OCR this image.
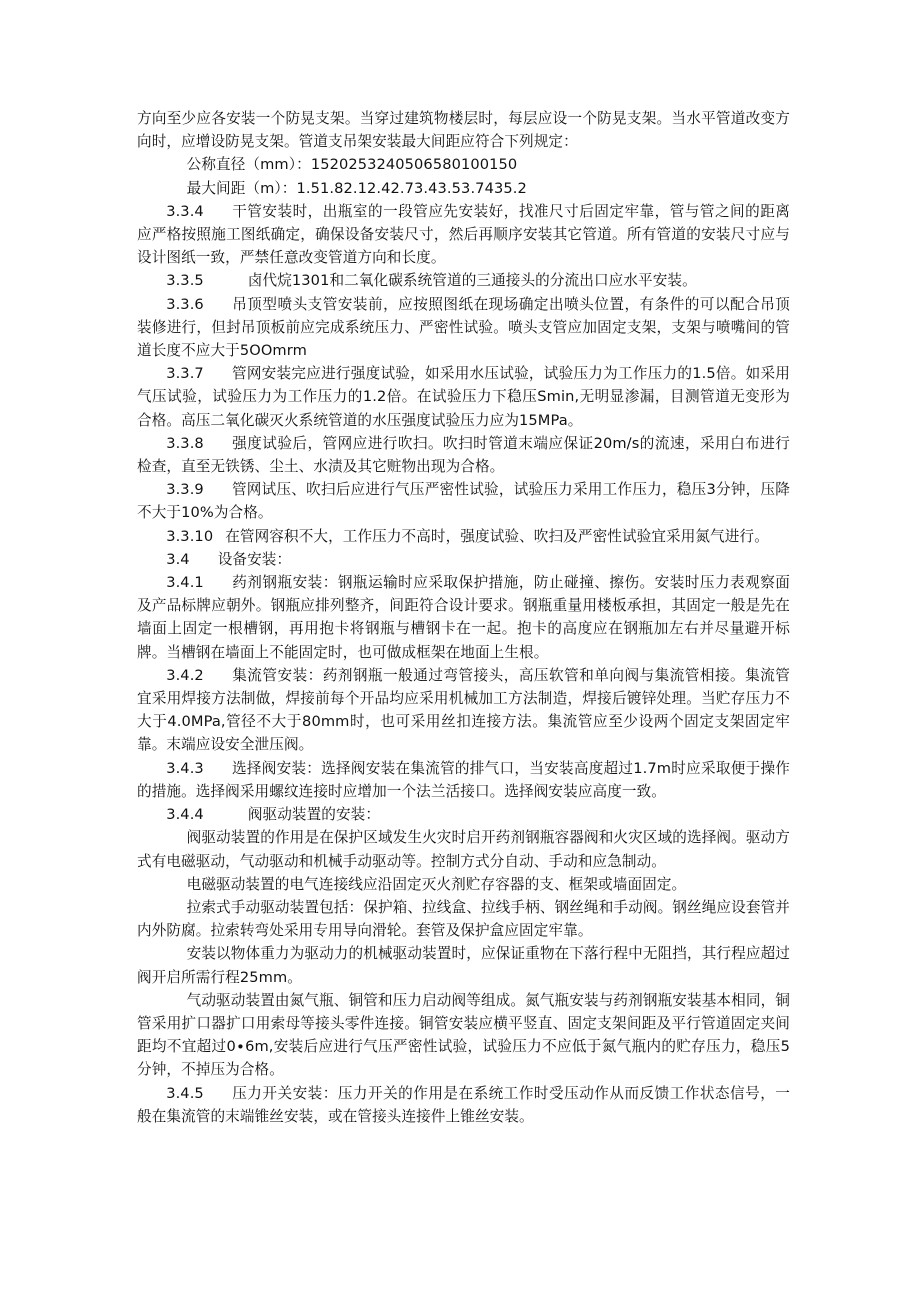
方向至少应各安装一个防晃支架。当穿过建筑物楼层时，每层应设一个防晃支架。当水平管道改变方向时，应增设防晃支架。管道支吊架安装最大间距应符合下列规定：

公称直径（mm）：1520253240506580100150

最大间距（m）：1.51.82.12.42.73.43.53.7435.2

3.3.4 干管安装时，出瓶室的一段管应先安装好，找准尺寸后固定牢靠，管与管之间的距离应严格按照施工图纸确定，确保设备安装尺寸，然后再顺序安装其它管道。所有管道的安装尺寸应与设计图纸一致，严禁任意改变管道方向和长度。

3.3.5	卤代烷1301和二氧化碳系统管道的三通接头的分流出口应水平安装。

3.3.6 吊顶型喷头支管安装前，应按照图纸在现场确定出喷头位置，有条件的可以配合吊顶装修进行，但封吊顶板前应完成系统压力、严密性试验。喷头支管应加固定支架，支架与喷嘴间的管道长度不应大于5OOmrm

3.3.7 管网安装完应进行强度试验，如采用水压试验，试验压力为工作压力的1.5倍。如采用气压试验，试验压力为工作压力的1.2倍。在试验压力下稳压Smin,无明显渗漏，目测管道无变形为合格。高压二氧化碳灭火系统管道的水压强度试验压力应为15MPa。

3.3.8 强度试验后，管网应进行吹扫。吹扫时管道末端应保证20m∕s的流速，采用白布进行检查，直至无铁锈、尘土、水渍及其它赃物出现为合格。

3.3.9 管网试压、吹扫后应进行气压严密性试验，试验压力采用工作压力，稳压3分钟，压降不大于10%为合格。

3.3.10 在管网容积不大，工作压力不高时，强度试验、吹扫及严密性试验宜采用氮气进行。

3.4 设备安装：

3.4.1 药剂钢瓶安装：钢瓶运输时应采取保护措施，防止碰撞、擦伤。安装时压力表观察面及产品标牌应朝外。钢瓶应排列整齐，间距符合设计要求。钢瓶重量用楼板承担，其固定一般是先在墙面上固定一根槽钢，再用抱卡将钢瓶与槽钢卡在一起。抱卡的高度应在钢瓶加左右并尽量避开标牌。当槽钢在墙面上不能固定时，也可做成框架在地面上生根。

3.4.2 集流管安装：药剂钢瓶一般通过弯管接头，高压软管和单向阀与集流管相接。集流管宜采用焊接方法制做，焊接前每个开品均应采用机械加工方法制造，焊接后镀锌处理。当贮存压力不大于4.0MPa,管径不大于80mm时，也可采用丝扣连接方法。集流管应至少设两个固定支架固定牢靠。末端应设安全泄压阀。

3.4.3 选择阀安装：选择阀安装在集流管的排气口，当安装高度超过1.7m时应采取便于操作的措施。选择阀采用螺纹连接时应增加一个法兰活接口。选择阀安装应高度一致。

3.4.4	阀驱动装置的安装：

阀驱动装置的作用是在保护区域发生火灾时启开药剂钢瓶容器阀和火灾区域的选择阀。驱动方式有电磁驱动，气动驱动和机械手动驱动等。控制方式分自动、手动和应急制动。

电磁驱动装置的电气连接线应沿固定灭火剂贮存容器的支、框架或墙面固定。

拉索式手动驱动装置包括：保护箱、拉线盒、拉线手柄、钢丝绳和手动阀。钢丝绳应设套管并内外防腐。拉索转弯处采用专用导向滑轮。套管及保护盒应固定牢靠。

安装以物体重力为驱动力的机械驱动装置时，应保证重物在下落行程中无阻挡，其行程应超过阀开启所需行程25mm。

气动驱动装置由氮气瓶、铜管和压力启动阀等组成。氮气瓶安装与药剂钢瓶安装基本相同，铜管采用扩口器扩口用索母等接头零件连接。铜管安装应横平竖直、固定支架间距及平行管道固定夹间距均不宜超过0∙6m,安装后应进行气压严密性试验，试验压力不应低于氮气瓶内的贮存压力，稳压5分钟，不掉压为合格。

3.4.5 压力开关安装：压力开关的作用是在系统工作时受压动作从而反馈工作状态信号，一般在集流管的末端锥丝安装，或在管接头连接件上锥丝安装。
